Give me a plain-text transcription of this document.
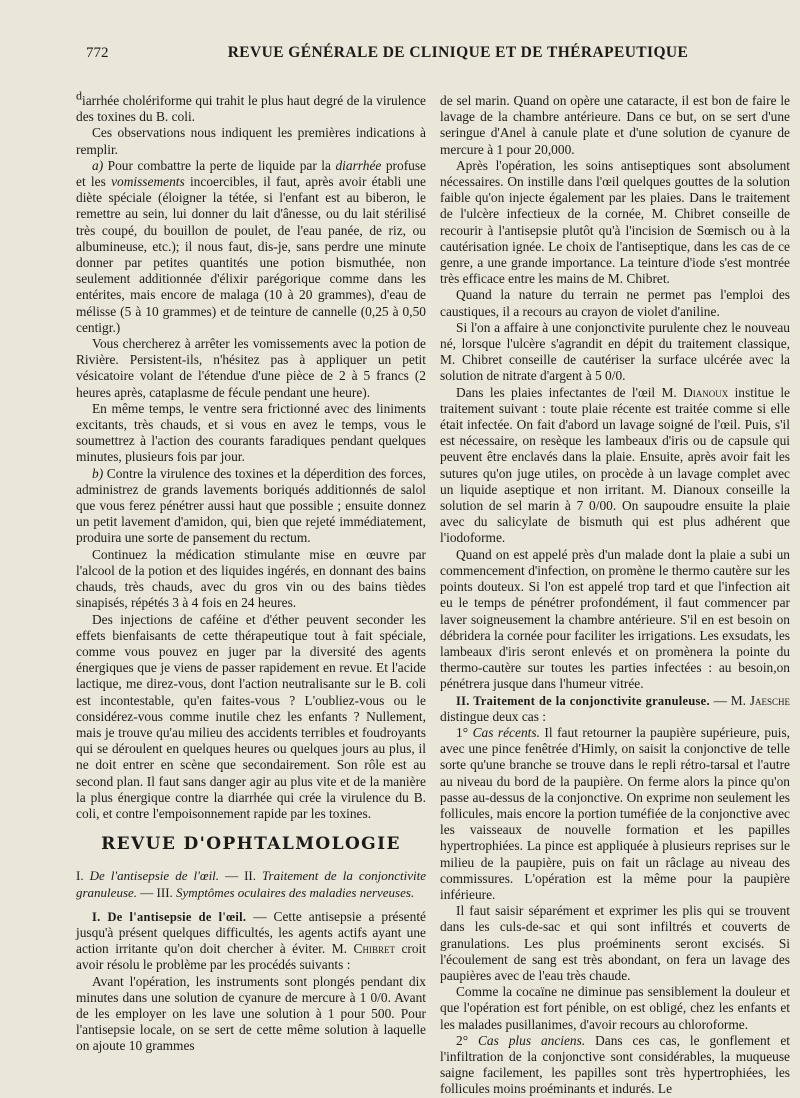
772	REVUE GÉNÉRALE DE CLINIQUE ET DE THÉRAPEUTIQUE

diarrhée cholériforme qui trahit le plus haut degré de la virulence des toxines du B. coli.

Ces observations nous indiquent les premières indications à remplir.

a) Pour combattre la perte de liquide par la diarrhée profuse et les vomissements incoercibles, il faut, après avoir établi une diète spéciale (éloigner la tétée, si l'enfant est au biberon, le remettre au sein, lui donner du lait d'ânesse, ou du lait stérilisé très coupé, du bouillon de poulet, de l'eau panée, de riz, ou albumineuse, etc.); il nous faut, dis-je, sans perdre une minute donner par petites quantités une potion bismuthée, non seulement additionnée d'élixir parégorique comme dans les entérites, mais encore de malaga (10 à 20 grammes), d'eau de mélisse (5 à 10 grammes) et de teinture de cannelle (0,25 à 0,50 centigr.)

Vous chercherez à arrêter les vomissements avec la potion de Rivière. Persistent-ils, n'hésitez pas à appliquer un petit vésicatoire volant de l'étendue d'une pièce de 2 à 5 francs (2 heures après, cataplasme de fécule pendant une heure).

En même temps, le ventre sera frictionné avec des liniments excitants, très chauds, et si vous en avez le temps, vous le soumettrez à l'action des courants faradiques pendant quelques minutes, plusieurs fois par jour.

b) Contre la virulence des toxines et la déperdition des forces, administrez de grands lavements boriqués additionnés de salol que vous ferez pénétrer aussi haut que possible ; ensuite donnez un petit lavement d'amidon, qui, bien que rejeté immédiatement, produira une sorte de pansement du rectum.

Continuez la médication stimulante mise en œuvre par l'alcool de la potion et des liquides ingérés, en donnant des bains chauds, très chauds, avec du gros vin ou des bains tièdes sinapisés, répétés 3 à 4 fois en 24 heures.

Des injections de caféine et d'éther peuvent seconder les effets bienfaisants de cette thérapeutique tout à fait spéciale, comme vous pouvez en juger par la diversité des agents énergiques que je viens de passer rapidement en revue. Et l'acide lactique, me direz-vous, dont l'action neutralisante sur le B. coli est incontestable, qu'en faites-vous ? L'oubliez-vous ou le considérez-vous comme inutile chez les enfants ? Nullement, mais je trouve qu'au milieu des accidents terribles et foudroyants qui se déroulent en quelques heures ou quelques jours au plus, il ne doit entrer en scène que secondairement. Son rôle est au second plan. Il faut sans danger agir au plus vite et de la manière la plus énergique contre la diarrhée qui crée la virulence du B. coli, et contre l'empoisonnement rapide par les toxines.

REVUE D'OPHTALMOLOGIE

I. De l'antisepsie de l'œil. — II. Traitement de la conjonctivite granuleuse. — III. Symptômes oculaires des maladies nerveuses.

I. De l'antisepsie de l'œil. — Cette antisepsie a présenté jusqu'à présent quelques difficultés, les agents actifs ayant une action irritante qu'on doit chercher à éviter. M. Chibret croit avoir résolu le problème par les procédés suivants :

Avant l'opération, les instruments sont plongés pendant dix minutes dans une solution de cyanure de mercure à 1 0/0. Avant de les employer on les lave une solution à 1 pour 500. Pour l'antisepsie locale, on se sert de cette même solution à laquelle on ajoute 10 grammes

de sel marin. Quand on opère une cataracte, il est bon de faire le lavage de la chambre antérieure. Dans ce but, on se sert d'une seringue d'Anel à canule plate et d'une solution de cyanure de mercure à 1 pour 20,000.

Après l'opération, les soins antiseptiques sont absolument nécessaires. On instille dans l'œil quelques gouttes de la solution faible qu'on injecte également par les plaies. Dans le traitement de l'ulcère infectieux de la cornée, M. Chibret conseille de recourir à l'antisepsie plutôt qu'à l'incision de Sœmisch ou à la cautérisation ignée. Le choix de l'antiseptique, dans les cas de ce genre, a une grande importance. La teinture d'iode s'est montrée très efficace entre les mains de M. Chibret.

Quand la nature du terrain ne permet pas l'emploi des caustiques, il a recours au crayon de violet d'aniline.

Si l'on a affaire à une conjonctivite purulente chez le nouveau né, lorsque l'ulcère s'agrandit en dépit du traitement classique, M. Chibret conseille de cautériser la surface ulcérée avec la solution de nitrate d'argent à 5 0/0.

Dans les plaies infectantes de l'œil M. Dianoux institue le traitement suivant : toute plaie récente est traitée comme si elle était infectée. On fait d'abord un lavage soigné de l'œil. Puis, s'il est nécessaire, on resèque les lambeaux d'iris ou de capsule qui peuvent être enclavés dans la plaie. Ensuite, après avoir fait les sutures qu'on juge utiles, on procède à un lavage complet avec un liquide aseptique et non irritant. M. Dianoux conseille la solution de sel marin à 7 0/00. On saupoudre ensuite la plaie avec du salicylate de bismuth qui est plus adhérent que l'iodoforme.

Quand on est appelé près d'un malade dont la plaie a subi un commencement d'infection, on promène le thermo cautère sur les points douteux. Si l'on est appelé trop tard et que l'infection ait eu le temps de pénétrer profondément, il faut commencer par laver soigneusement la chambre antérieure. S'il en est besoin on débridera la cornée pour faciliter les irrigations. Les exsudats, les lambeaux d'iris seront enlevés et on promènera la pointe du thermo-cautère sur toutes les parties infectées : au besoin,on pénétrera jusque dans l'humeur vitrée.

II. Traitement de la conjonctivite granuleuse. — M. Jaesche distingue deux cas :

1° Cas récents. Il faut retourner la paupière supérieure, puis, avec une pince fenêtrée d'Himly, on saisit la conjonctive de telle sorte qu'une branche se trouve dans le repli rétro-tarsal et l'autre au niveau du bord de la paupière. On ferme alors la pince qu'on passe au-dessus de la conjonctive. On exprime non seulement les follicules, mais encore la portion tuméfiée de la conjonctive avec les vaisseaux de nouvelle formation et les papilles hypertrophiées. La pince est appliquée à plusieurs reprises sur le milieu de la paupière, puis on fait un râclage au niveau des commissures. L'opération est la même pour la paupière inférieure.

Il faut saisir séparément et exprimer les plis qui se trouvent dans les culs-de-sac et qui sont infiltrés et couverts de granulations. Les plus proéminents seront excisés. Si l'écoulement de sang est très abondant, on fera un lavage des paupières avec de l'eau très chaude.

Comme la cocaïne ne diminue pas sensiblement la douleur et que l'opération est fort pénible, on est obligé, chez les enfants et les malades pusillanimes, d'avoir recours au chloroforme.

2° Cas plus anciens. Dans ces cas, le gonflement et l'infiltration de la conjonctive sont considérables, la muqueuse saigne facilement, les papilles sont très hypertrophiées, les follicules moins proéminants et indurés. Le
